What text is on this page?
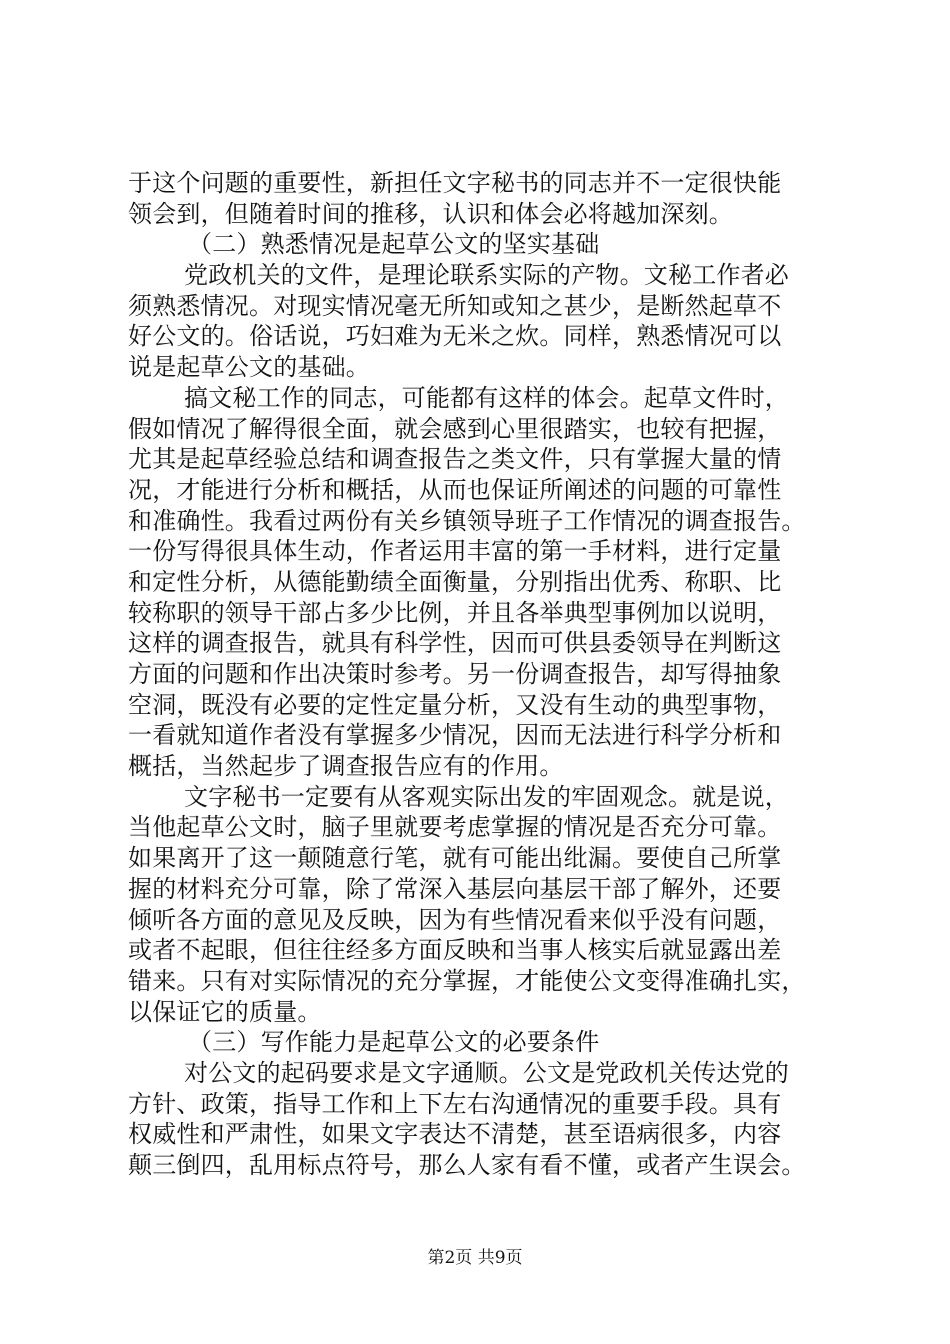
于这个问题的重要性，新担任文字秘书的同志并不一定很快能
领会到，但随着时间的推移，认识和体会必将越加深刻。
（二）熟悉情况是起草公文的坚实基础
党政机关的文件，是理论联系实际的产物。文秘工作者必
须熟悉情况。对现实情况毫无所知或知之甚少，是断然起草不
好公文的。俗话说，巧妇难为无米之炊。同样，熟悉情况可以
说是起草公文的基础。
搞文秘工作的同志，可能都有这样的体会。起草文件时，
假如情况了解得很全面，就会感到心里很踏实，也较有把握，
尤其是起草经验总结和调查报告之类文件，只有掌握大量的情
况，才能进行分析和概括，从而也保证所阐述的问题的可靠性
和准确性。我看过两份有关乡镇领导班子工作情况的调查报告。
一份写得很具体生动，作者运用丰富的第一手材料，进行定量
和定性分析，从德能勤绩全面衡量，分别指出优秀、称职、比
较称职的领导干部占多少比例，并且各举典型事例加以说明，
这样的调查报告，就具有科学性，因而可供县委领导在判断这
方面的问题和作出决策时参考。另一份调查报告，却写得抽象
空洞，既没有必要的定性定量分析，又没有生动的典型事物，
一看就知道作者没有掌握多少情况，因而无法进行科学分析和
概括，当然起步了调查报告应有的作用。
文字秘书一定要有从客观实际出发的牢固观念。就是说，
当他起草公文时，脑子里就要考虑掌握的情况是否充分可靠。
如果离开了这一颠随意行笔，就有可能出纰漏。要使自己所掌
握的材料充分可靠，除了常深入基层向基层干部了解外，还要
倾听各方面的意见及反映，因为有些情况看来似乎没有问题，
或者不起眼，但往往经多方面反映和当事人核实后就显露出差
错来。只有对实际情况的充分掌握，才能使公文变得准确扎实，
以保证它的质量。
（三）写作能力是起草公文的必要条件
对公文的起码要求是文字通顺。公文是党政机关传达党的
方针、政策，指导工作和上下左右沟通情况的重要手段。具有
权威性和严肃性，如果文字表达不清楚，甚至语病很多，内容
颠三倒四，乱用标点符号，那么人家有看不懂，或者产生误会。
第2页 共9页
